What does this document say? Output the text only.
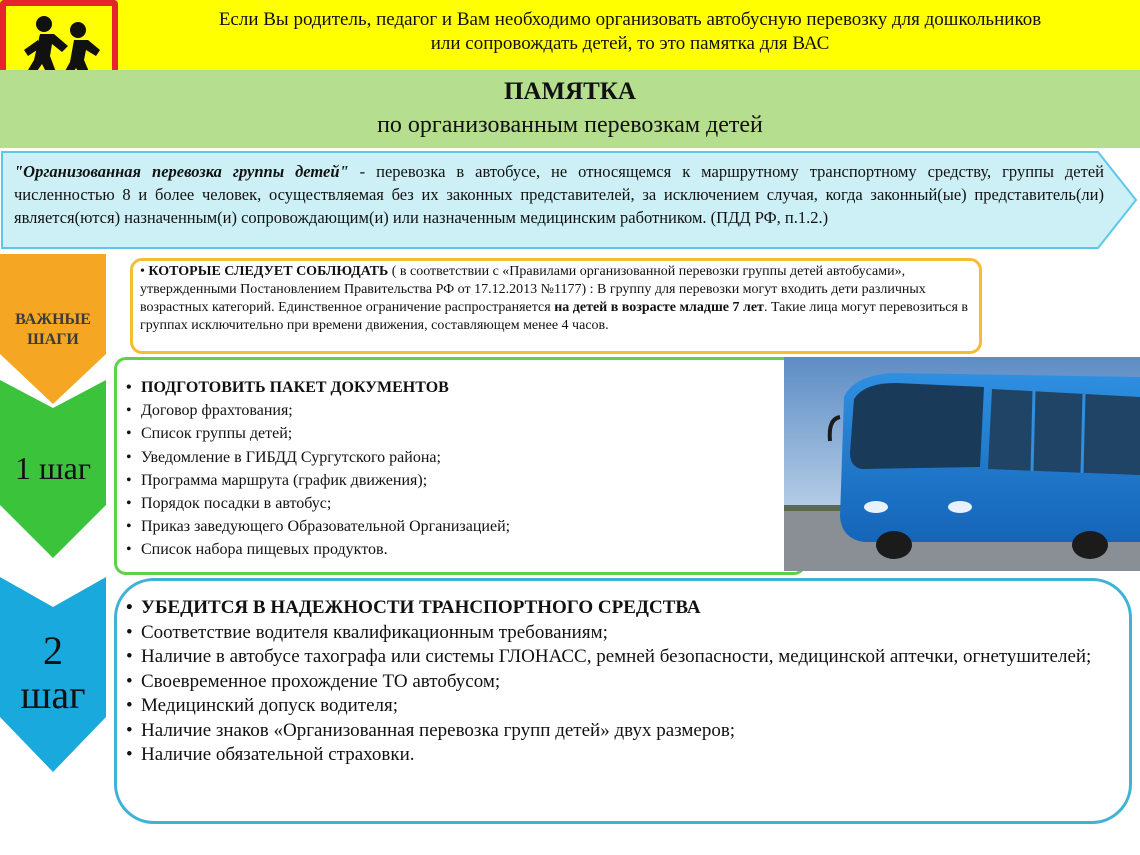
Если Вы родитель, педагог и Вам необходимо организовать автобусную перевозку для дошкольников
или сопровождать детей, то это памятка для ВАС
ПАМЯТКА
по организованным перевозкам детей
"Организованная перевозка группы детей" - перевозка в автобусе, не относящемся к маршрутному транспортному средству, группы детей численностью 8 и более человек, осуществляемая без их законных представителей, за исключением случая, когда законный(ые) представитель(ли) является(ются) назначенным(и) сопровождающим(и) или назначенным медицинским работником. (ПДД РФ, п.1.2.)
ВАЖНЫЕ
ШАГИ
1 шаг
2
шаг
• КОТОРЫЕ СЛЕДУЕТ СОБЛЮДАТЬ ( в соответствии с «Правилами организованной перевозки группы детей автобусами», утвержденными Постановлением Правительства РФ от 17.12.2013 №1177) : В группу для перевозки могут входить дети различных возрастных категорий. Единственное ограничение распространяется на детей в возрасте младше 7 лет. Такие лица могут перевозиться в группах исключительно при времени движения, составляющем менее 4 часов.
• ПОДГОТОВИТЬ ПАКЕТ ДОКУМЕНТОВ
• Договор фрахтования;
• Список группы детей;
• Уведомление в ГИБДД Сургутского района;
• Программа маршрута (график движения);
• Порядок посадки в автобус;
• Приказ заведующего Образовательной Организацией;
• Список набора пищевых продуктов.
• УБЕДИТСЯ В НАДЕЖНОСТИ ТРАНСПОРТНОГО СРЕДСТВА
• Соответствие водителя квалификационным требованиям;
• Наличие в автобусе тахографа или системы ГЛОНАСС, ремней безопасности, медицинской аптечки, огнетушителей;
• Своевременное прохождение ТО автобусом;
• Медицинский допуск водителя;
• Наличие знаков «Организованная перевозка групп детей» двух размеров;
• Наличие обязательной страховки.
